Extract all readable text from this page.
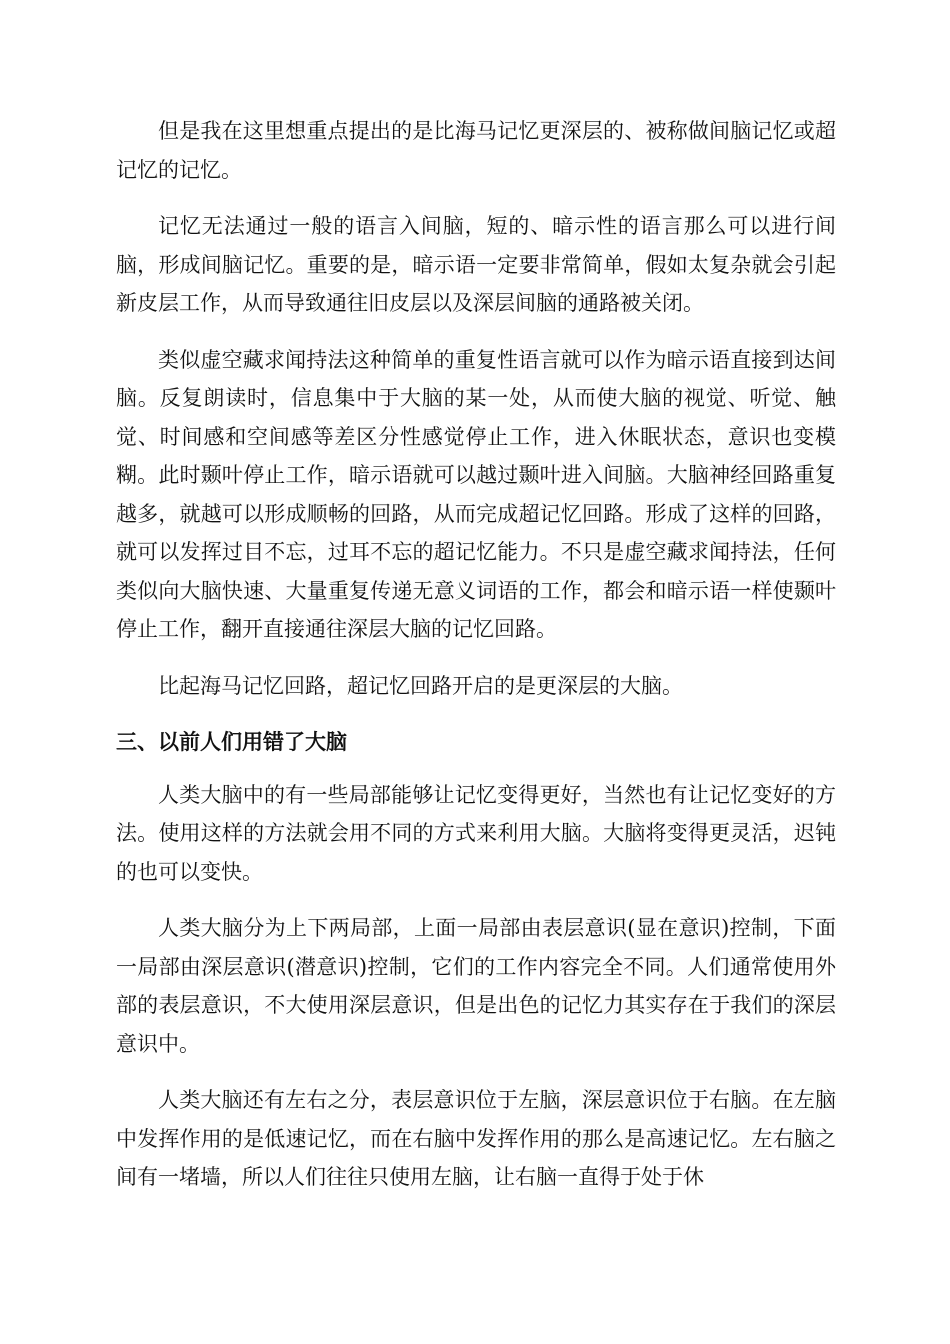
但是我在这里想重点提出的是比海马记忆更深层的、被称做间脑记忆或超记忆的记忆。

记忆无法通过一般的语言入间脑，短的、暗示性的语言那么可以进行间脑，形成间脑记忆。重要的是，暗示语一定要非常简单，假如太复杂就会引起新皮层工作，从而导致通往旧皮层以及深层间脑的通路被关闭。

类似虚空藏求闻持法这种简单的重复性语言就可以作为暗示语直接到达间脑。反复朗读时，信息集中于大脑的某一处，从而使大脑的视觉、听觉、触觉、时间感和空间感等差区分性感觉停止工作，进入休眠状态，意识也变模糊。此时颞叶停止工作，暗示语就可以越过颞叶进入间脑。大脑神经回路重复越多，就越可以形成顺畅的回路，从而完成超记忆回路。形成了这样的回路，就可以发挥过目不忘，过耳不忘的超记忆能力。不只是虚空藏求闻持法，任何类似向大脑快速、大量重复传递无意义词语的工作，都会和暗示语一样使颞叶停止工作，翻开直接通往深层大脑的记忆回路。

比起海马记忆回路，超记忆回路开启的是更深层的大脑。

三、以前人们用错了大脑

人类大脑中的有一些局部能够让记忆变得更好，当然也有让记忆变好的方法。使用这样的方法就会用不同的方式来利用大脑。大脑将变得更灵活，迟钝的也可以变快。

人类大脑分为上下两局部，上面一局部由表层意识(显在意识)控制，下面一局部由深层意识(潜意识)控制，它们的工作内容完全不同。人们通常使用外部的表层意识，不大使用深层意识，但是出色的记忆力其实存在于我们的深层意识中。

人类大脑还有左右之分，表层意识位于左脑，深层意识位于右脑。在左脑中发挥作用的是低速记忆，而在右脑中发挥作用的那么是高速记忆。左右脑之间有一堵墙，所以人们往往只使用左脑，让右脑一直得于处于休
